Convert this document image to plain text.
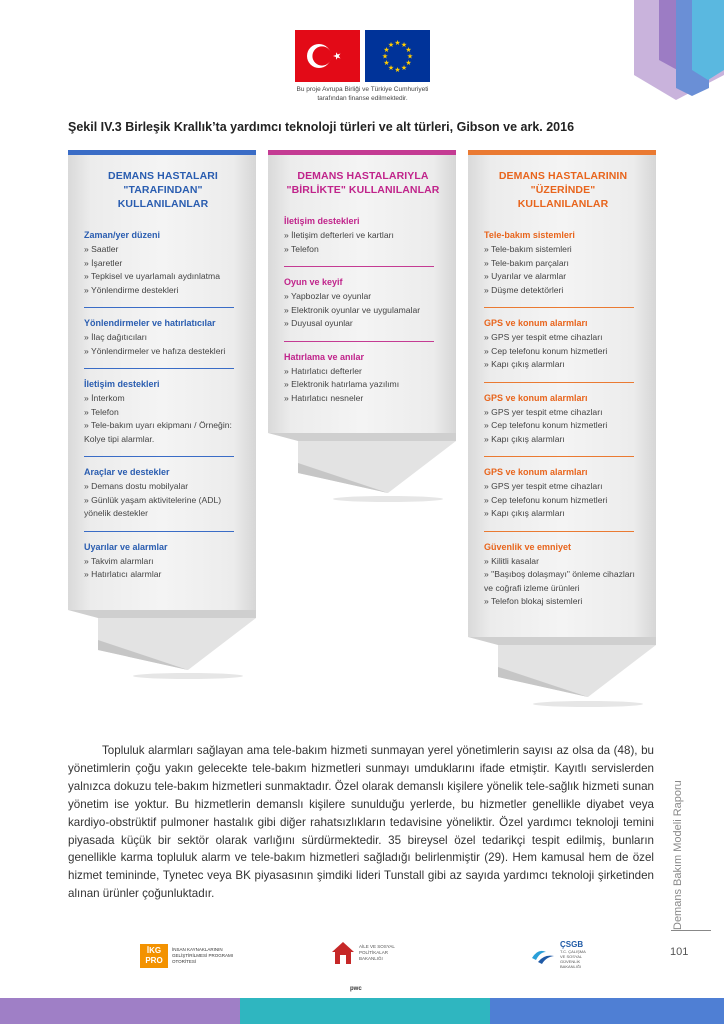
★ ★
★
★
★
★
★
★
★
★
★
★
Bu proje Avrupa Birliği ve Türkiye Cumhuriyeti
tarafından finanse edilmektedir.
Şekil IV.3 Birleşik Krallık’ta yardımcı teknoloji türleri ve alt türleri, Gibson ve ark. 2016
DEMANS HASTALARI
"TARAFINDAN" KULLANILANLAR
Zaman/yer düzeni
» Saatler
» İşaretler
» Tepkisel ve uyarlamalı aydınlatma
» Yönlendirme destekleri
Yönlendirmeler ve hatırlatıcılar
» İlaç dağıtıcıları
» Yönlendirmeler ve hafıza destekleri
İletişim destekleri
» İnterkom
» Telefon
» Tele-bakım uyarı ekipmanı / Örneğin: Kolye tipi alarmlar.
Araçlar ve destekler
» Demans dostu mobilyalar
» Günlük yaşam aktivitelerine (ADL) yönelik destekler
Uyarılar ve alarmlar
» Takvim alarmları
» Hatırlatıcı alarmlar
DEMANS HASTALARIYLA
"BİRLİKTE" KULLANILANLAR
İletişim destekleri
» İletişim defterleri ve kartları
» Telefon
Oyun ve keyif
» Yapbozlar ve oyunlar
» Elektronik oyunlar ve uygulamalar
» Duyusal oyunlar
Hatırlama ve anılar
» Hatırlatıcı defterler
» Elektronik hatırlama yazılımı
» Hatırlatıcı nesneler
DEMANS HASTALARININ
"ÜZERİNDE" KULLANILANLAR
Tele-bakım sistemleri
» Tele-bakım sistemleri
» Tele-bakım parçaları
» Uyarılar ve alarmlar
» Düşme detektörleri
GPS ve konum alarmları
» GPS yer tespit etme cihazları
» Cep telefonu konum hizmetleri
» Kapı çıkış alarmları
GPS ve konum alarmları
» GPS yer tespit etme cihazları
» Cep telefonu konum hizmetleri
» Kapı çıkış alarmları
GPS ve konum alarmları
» GPS yer tespit etme cihazları
» Cep telefonu konum hizmetleri
» Kapı çıkış alarmları
Güvenlik ve emniyet
» Kilitli kasalar
» "Başıboş dolaşmayı" önleme cihazları ve coğrafi izleme ürünleri
» Telefon blokaj sistemleri
Topluluk alarmları sağlayan ama tele-bakım hizmeti sunmayan yerel yönetimlerin sayısı az olsa da (48), bu yönetimlerin çoğu yakın gelecekte tele-bakım hizmetleri sunmayı umduklarını ifade etmiştir. Kayıtlı servislerden yalnızca dokuzu tele-bakım hizmetleri sunmaktadır. Özel olarak demanslı kişilere yönelik tele-sağlık hizmeti sunan yönetim ise yoktur. Bu hizmetlerin demanslı kişilere sunulduğu yerlerde, bu hizmetler genellikle diyabet veya kardiyo-obstrüktif pulmoner hastalık gibi diğer rahatsızlıkların tedavisine yöneliktir. Özel yardımcı teknoloji temini piyasada küçük bir sektör olarak varlığını sürdürmektedir. 35 bireysel özel tedarikçi tespit edilmiş, bunların genellikle karma topluluk alarm ve tele-bakım hizmetleri sağladığı belirlenmiştir (29). Hem kamusal hem de özel hizmet temininde, Tynetec veya BK piyasasının şimdiki lideri Tunstall gibi az sayıda yardımcı teknoloji şirketinden alınan ürünler çoğunluktadır.	Demans Bakım Modeli Raporu
101
İKG PRO
İNSAN KAYNAKLARININ GELİŞTİRİLMESİ PROGRAMI OTORİTESİ
AİLE VE SOSYAL POLİTİKALAR BAKANLIĞI
pwc
ÇSGB
T.C. ÇALIŞMA VE SOSYAL GÜVENLİK BAKANLIĞI
